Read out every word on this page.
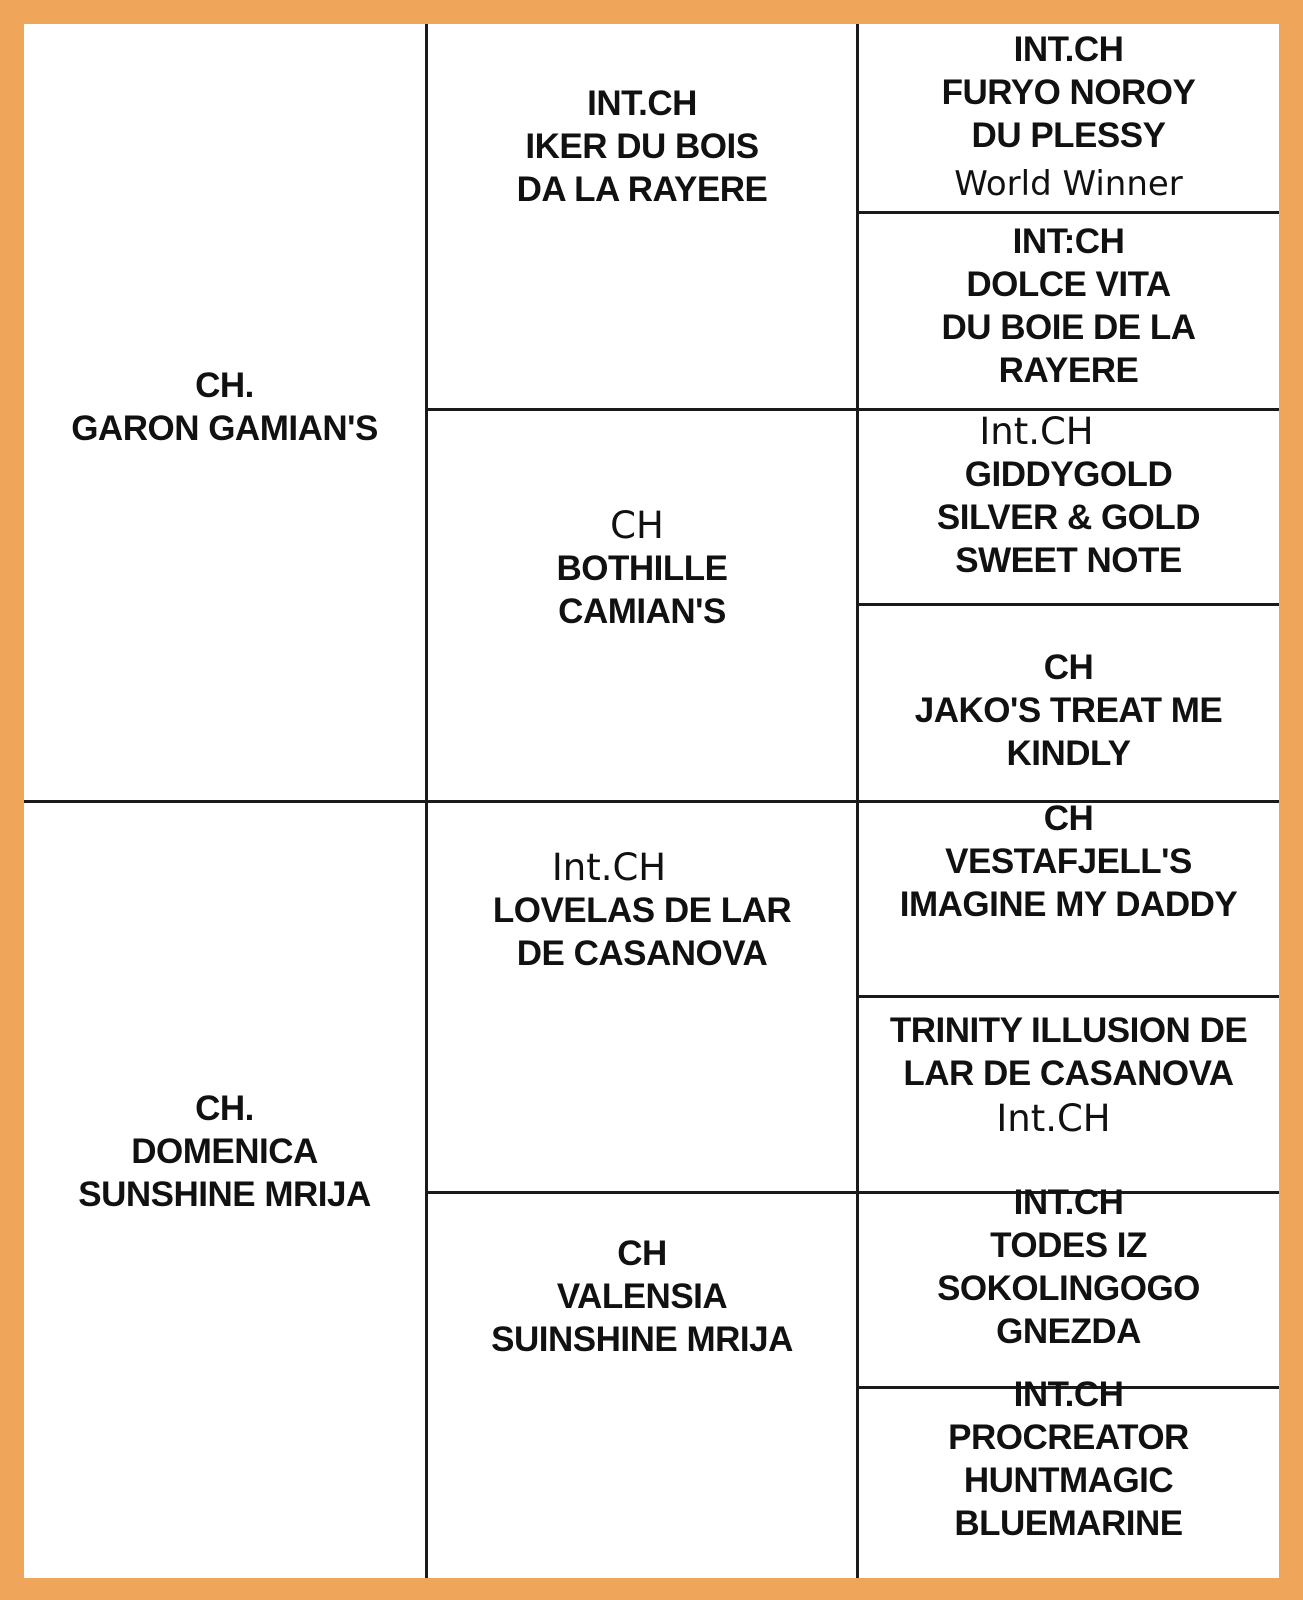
CH.
GARON GAMIAN'S
CH.
DOMENICA
SUNSHINE MRIJA
INT.CH
IKER DU BOIS
DA LA RAYERE
CH
BOTHILLE
CAMIAN'S
Int.CH
LOVELAS DE LAR
DE CASANOVA
CH
VALENSIA
SUINSHINE MRIJA
INT.CH
FURYO NOROY
DU PLESSY
World Winner
INT:CH
DOLCE VITA
DU BOIE DE LA
RAYERE
Int.CH
GIDDYGOLD
SILVER & GOLD
SWEET NOTE
CH
JAKO'S TREAT ME
KINDLY
CH
VESTAFJELL'S
IMAGINE MY DADDY
TRINITY ILLUSION DE
LAR DE CASANOVA
Int.CH
INT.CH
TODES IZ
SOKOLINGOGO
GNEZDA
INT.CH
PROCREATOR
HUNTMAGIC
BLUEMARINE
